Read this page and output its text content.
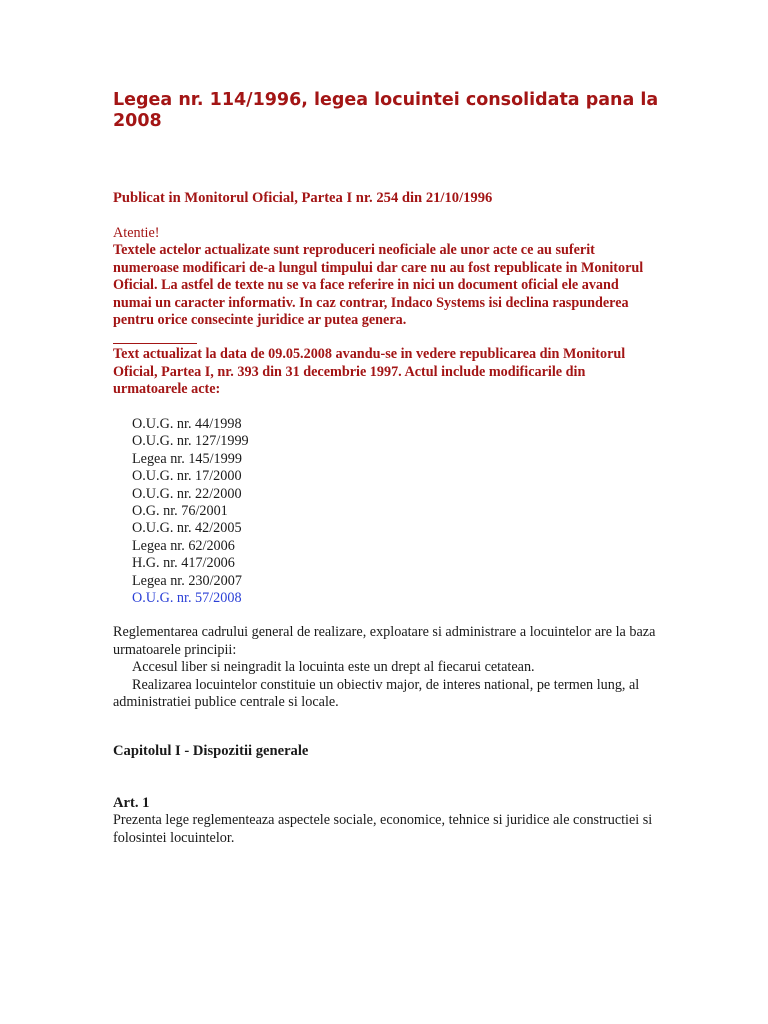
Legea nr. 114/1996, legea locuintei consolidata pana la 2008

Publicat in Monitorul Oficial, Partea I nr. 254 din 21/10/1996

Atentie!

Textele actelor actualizate sunt reproduceri neoficiale ale unor acte ce au suferit numeroase modificari de-a lungul timpului dar care nu au fost republicate in Monitorul Oficial. La astfel de texte nu se va face referire in nici un document oficial ele avand numai un caracter informativ. In caz contrar, Indaco Systems isi declina raspunderea pentru orice consecinte juridice ar putea genera.

Text actualizat la data de 09.05.2008 avandu-se in vedere republicarea din Monitorul Oficial, Partea I, nr. 393 din 31 decembrie 1997. Actul include modificarile din urmatoarele acte:

O.U.G. nr. 44/1998
O.U.G. nr. 127/1999
Legea nr. 145/1999
O.U.G. nr. 17/2000
O.U.G. nr. 22/2000
O.G. nr. 76/2001
O.U.G. nr. 42/2005
Legea nr. 62/2006
H.G. nr. 417/2006
Legea nr. 230/2007
O.U.G. nr. 57/2008

Reglementarea cadrului general de realizare, exploatare si administrare a locuintelor are la baza urmatoarele principii:

Accesul liber si neingradit la locuinta este un drept al fiecarui cetatean.

Realizarea locuintelor constituie un obiectiv major, de interes national, pe termen lung, al administratiei publice centrale si locale.

Capitolul I - Dispozitii generale

Art. 1

Prezenta lege reglementeaza aspectele sociale, economice, tehnice si juridice ale constructiei si folosintei locuintelor.
